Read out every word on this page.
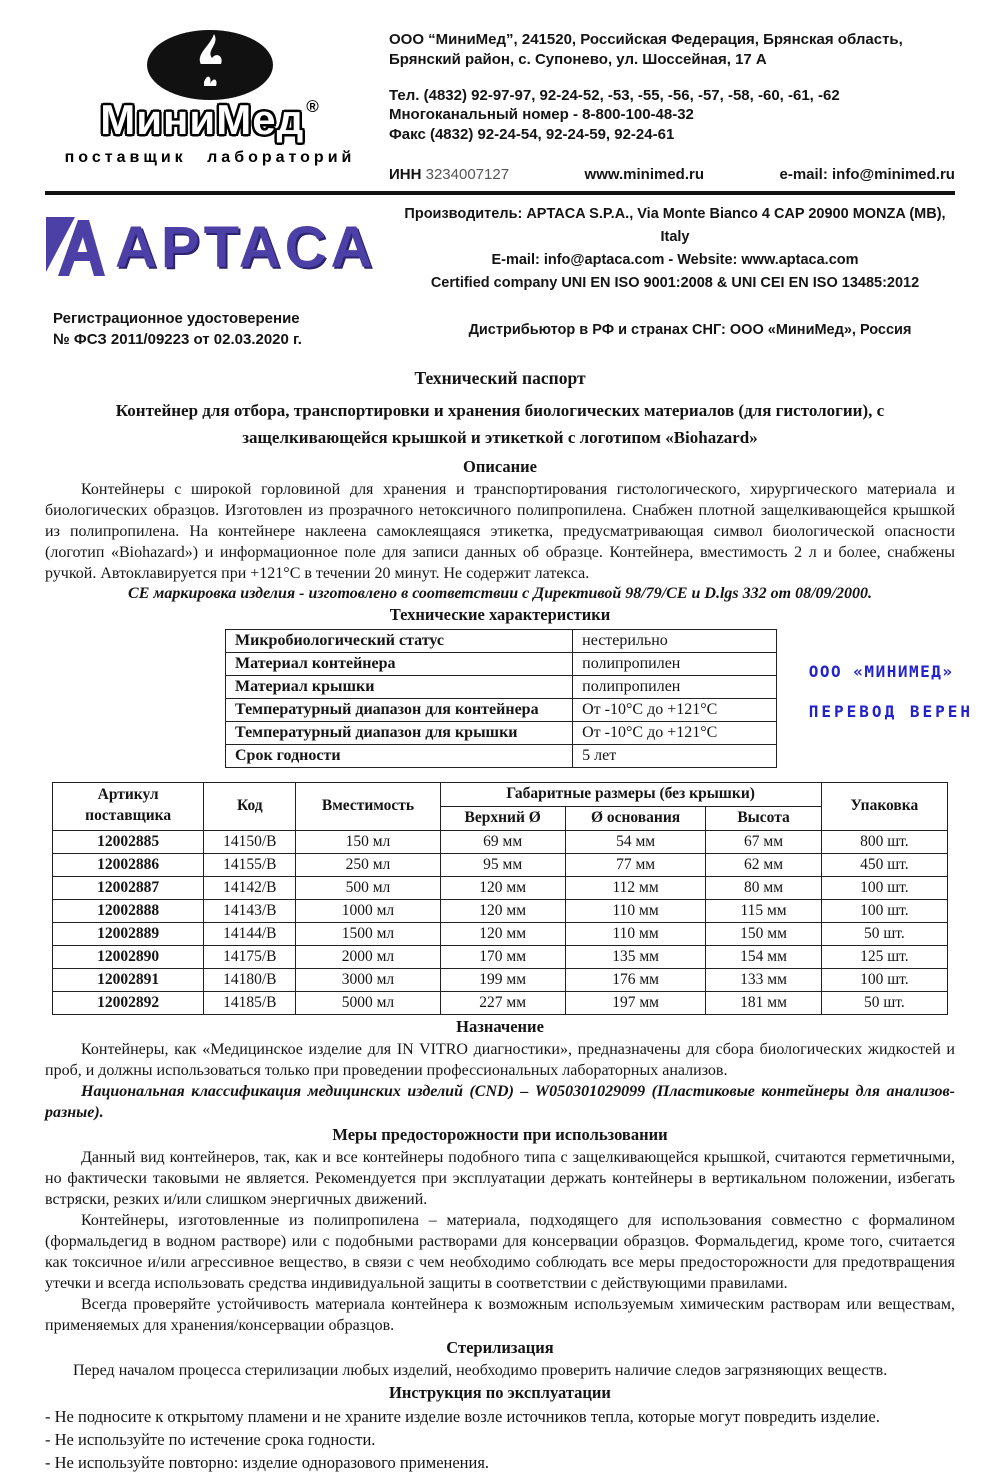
МиниМед ®
поставщик лабораторий
ООО “МиниМед”, 241520, Российская Федерация, Брянская область,
Брянский район, с. Супонево, ул. Шоссейная, 17 А
Тел. (4832) 92-97-97, 92-24-52, -53, -55, -56, -57, -58, -60, -61, -62
Многоканальный номер - 8-800-100-48-32
Факс (4832) 92-24-54, 92-24-59, 92-24-61
ИНН 3234007127	www.minimed.ru	e-mail: info@minimed.ru
APTACA
Производитель: APTACA S.P.A., Via Monte Bianco 4 CAP 20900 MONZA (MB), Italy
E-mail: info@aptaca.com - Website: www.aptaca.com
Certified company UNI EN ISO 9001:2008 & UNI CEI EN ISO 13485:2012
Регистрационное удостоверение
№ ФСЗ 2011/09223 от 02.03.2020 г.
Дистрибьютор в РФ и странах СНГ: ООО «МиниМед», Россия
Технический паспорт
Контейнер для отбора, транспортировки и хранения биологических материалов (для гистологии), с защелкивающейся крышкой и этикеткой с логотипом «Biohazard»
Описание

Контейнеры с широкой горловиной для хранения и транспортирования гистологического, хирургического материала и биологических образцов. Изготовлен из прозрачного нетоксичного полипропилена. Снабжен плотной защелкивающейся крышкой из полипропилена. На контейнере наклеена самоклеящаяся этикетка, предусматривающая символ биологической опасности (логотип «Biohazard») и информационное поле для записи данных об образце. Контейнера, вместимость 2 л и более, снабжены ручкой. Автоклавируется при +121°С в течении 20 минут. Не содержит латекса.

СЕ маркировка изделия - изготовлено в соответствии с Директивой 98/79/СЕ и D.lgs 332 от 08/09/2000.

Технические характеристики
Микробиологический статус	нестерильно
Материал контейнера	полипропилен
Материал крышки	полипропилен
Температурный диапазон для контейнера	От -10°С до +121°С
Температурный диапазон для крышки	От -10°С до +121°С
Срок годности	5 лет
ООО «МИНИМЕД»
ПЕРЕВОД ВЕРЕН
Артикул поставщика	Код	Вместимость	Габаритные размеры (без крышки)			Упаковка
			Верхний Ø	Ø основания	Высота	
12002885	14150/B	150 мл	69 мм	54 мм	67 мм	800 шт.
12002886	14155/B	250 мл	95 мм	77 мм	62 мм	450 шт.
12002887	14142/B	500 мл	120 мм	112 мм	80 мм	100 шт.
12002888	14143/B	1000 мл	120 мм	110 мм	115 мм	100 шт.
12002889	14144/B	1500 мл	120 мм	110 мм	150 мм	50 шт.
12002890	14175/B	2000 мл	170 мм	135 мм	154 мм	125 шт.
12002891	14180/B	3000 мл	199 мм	176 мм	133 мм	100 шт.
12002892	14185/B	5000 мл	227 мм	197 мм	181 мм	50 шт.
Назначение

Контейнеры, как «Медицинское изделие для IN VITRO диагностики», предназначены для сбора биологических жидкостей и проб, и должны использоваться только при проведении профессиональных лабораторных анализов.

Национальная классификация медицинских изделий (CND) – W050301029099 (Пластиковые контейнеры для анализов- разные).

Меры предосторожности при использовании

Данный вид контейнеров, так, как и все контейнеры подобного типа с защелкивающейся крышкой, считаются герметичными, но фактически таковыми не является. Рекомендуется при эксплуатации держать контейнеры в вертикальном положении, избегать встряски, резких и/или слишком энергичных движений.

Контейнеры, изготовленные из полипропилена – материала, подходящего для использования совместно с формалином (формальдегид в водном растворе) или с подобными растворами для консервации образцов. Формальдегид, кроме того, считается как токсичное и/или агрессивное вещество, в связи с чем необходимо соблюдать все меры предосторожности для предотвращения утечки и всегда использовать средства индивидуальной защиты в соответствии с действующими правилами.

Всегда проверяйте устойчивость материала контейнера к возможным используемым химическим растворам или веществам, применяемых для хранения/консервации образцов.

Стерилизация

Перед началом процесса стерилизации любых изделий, необходимо проверить наличие следов загрязняющих веществ.

Инструкция по эксплуатации

- Не подносите к открытому пламени и не храните изделие возле источников тепла, которые могут повредить изделие.

- Не используйте по истечение срока годности.

- Не используйте повторно: изделие одноразового применения.
